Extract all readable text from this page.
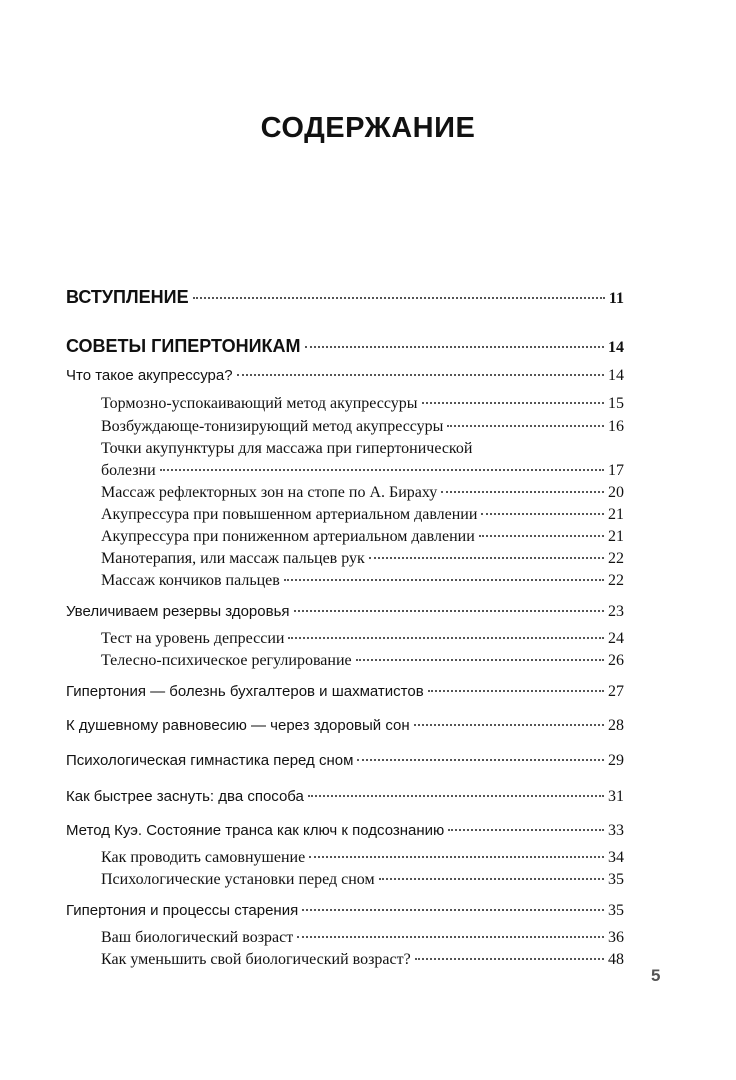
СОДЕРЖАНИЕ
ВСТУПЛЕНИЕ	11
СОВЕТЫ ГИПЕРТОНИКАМ	14
Что такое акупрессура?	14
Тормозно-успокаивающий метод акупрессуры	15
Возбуждающе-тонизирующий метод акупрессуры	16
Точки акупунктуры для массажа при гипертонической
болезни	17
Массаж рефлекторных зон на стопе по А. Бираху	20
Акупрессура при повышенном артериальном давлении	21
Акупрессура при пониженном артериальном давлении	21
Манотерапия, или массаж пальцев рук	22
Массаж кончиков пальцев	22
Увеличиваем резервы здоровья	23
Тест на уровень депрессии	24
Телесно-психическое регулирование	26
Гипертония — болезнь бухгалтеров и шахматистов	27
К душевному равновесию — через здоровый сон	28
Психологическая гимнастика перед сном	29
Как быстрее заснуть: два способа	31
Метод Куэ. Состояние транса как ключ к подсознанию	33
Как проводить самовнушение	34
Психологические установки перед сном	35
Гипертония и процессы старения	35
Ваш биологический возраст	36
Как уменьшить свой биологический возраст?	48
5
